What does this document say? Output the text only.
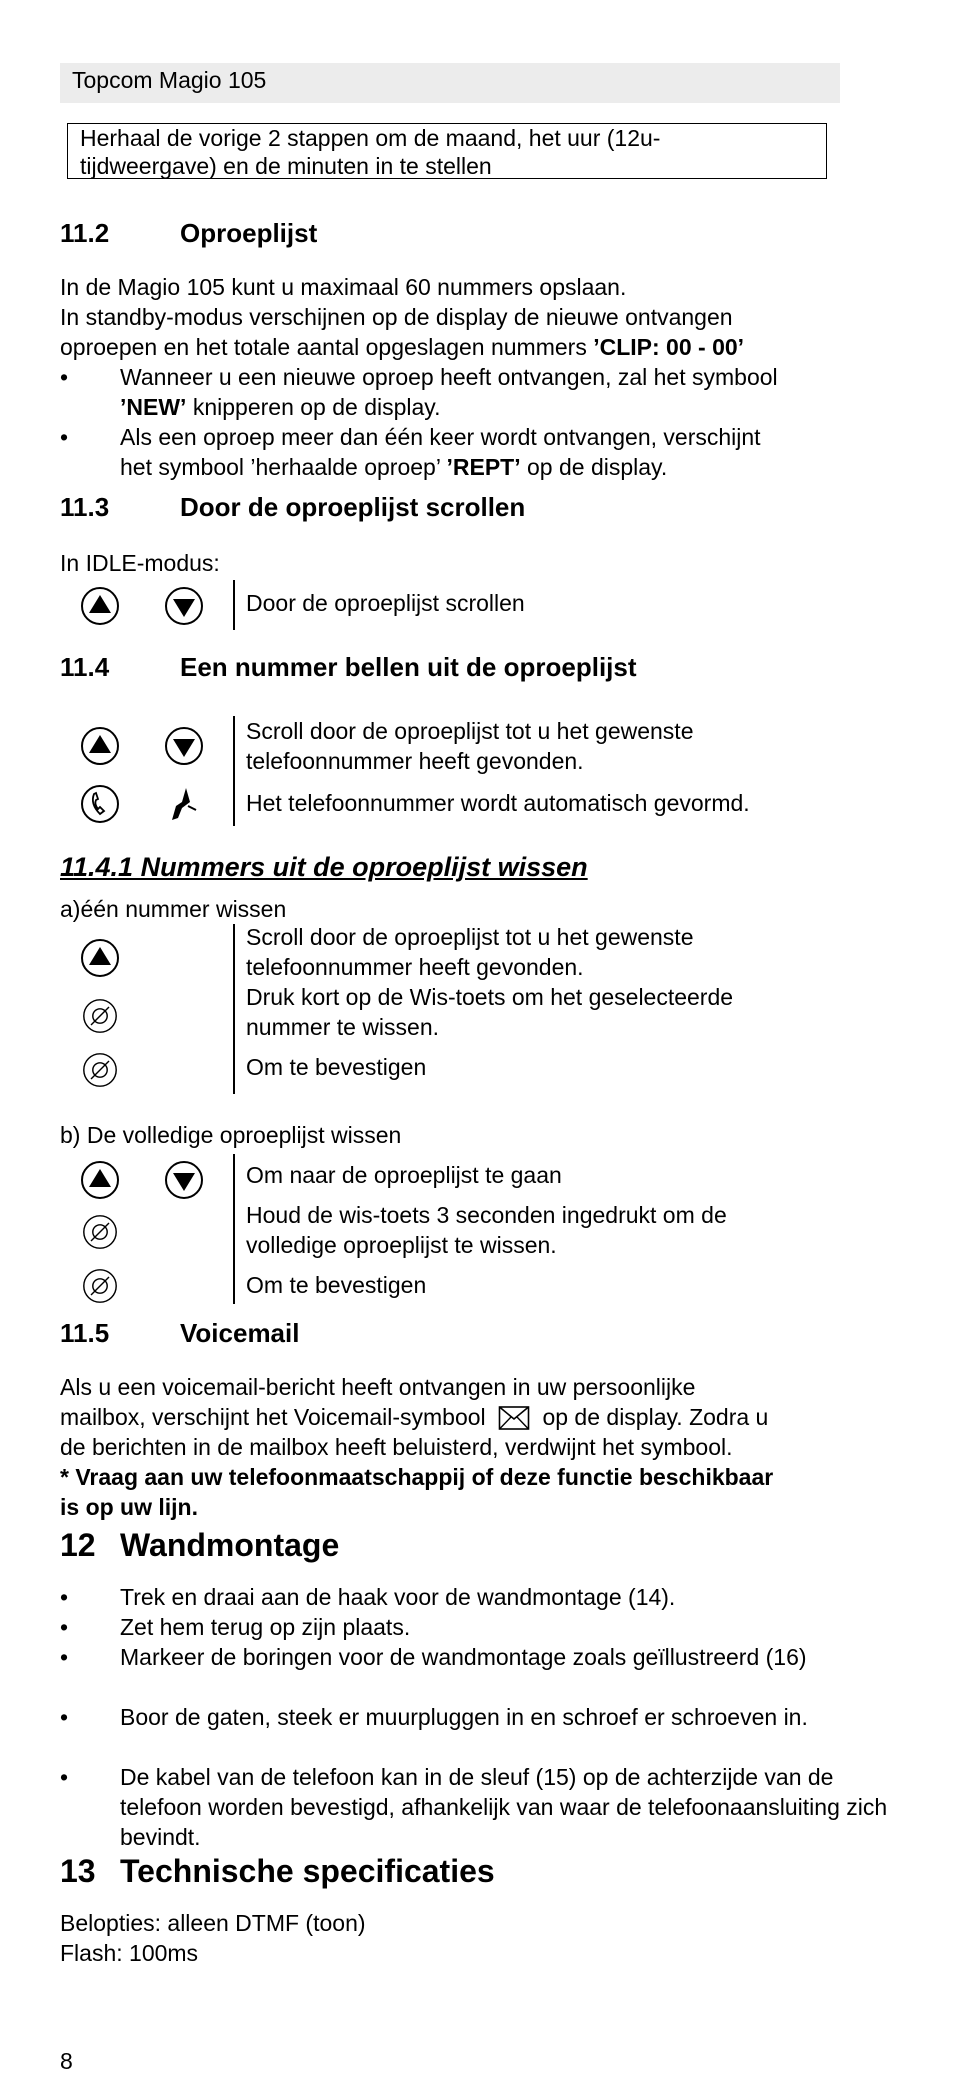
Topcom Magio 105
Herhaal de vorige 2 stappen om de maand, het uur (12u-
tijdweergave) en de minuten in te stellen
11.2	Oproeplijst
In de Magio 105 kunt u maximaal 60 nummers opslaan.
In standby-modus verschijnen op de display de nieuwe ontvangen
oproepen en het totale aantal opgeslagen nummers ’CLIP: 00 - 00’
• Wanneer u een nieuwe oproep heeft ontvangen, zal het symbool
’NEW’ knipperen op de display.
• Als een oproep meer dan één keer wordt ontvangen, verschijnt
het symbool ’herhaalde oproep’ ’REPT’ op de display.
11.3	Door de oproeplijst scrollen
In IDLE-modus:
Door de oproeplijst scrollen
11.4	Een nummer bellen uit de oproeplijst
Scroll door de oproeplijst tot u het gewenste
telefoonnummer heeft gevonden.
Het telefoonnummer wordt automatisch gevormd.
11.4.1 Nummers uit de oproeplijst wissen
a)één nummer wissen
Scroll door de oproeplijst tot u het gewenste
telefoonnummer heeft gevonden.
Druk kort op de Wis-toets om het geselecteerde
nummer te wissen.
Om te bevestigen
b) De volledige oproeplijst wissen
Om naar de oproeplijst te gaan
Houd de wis-toets 3 seconden ingedrukt om de
volledige oproeplijst te wissen.
Om te bevestigen
11.5	Voicemail
Als u een voicemail-bericht heeft ontvangen in uw persoonlijke
mailbox, verschijnt het Voicemail-symbool op de display. Zodra u
de berichten in de mailbox heeft beluisterd, verdwijnt het symbool.
* Vraag aan uw telefoonmaatschappij of deze functie beschikbaar
is op uw lijn.
12 Wandmontage
• Trek en draai aan de haak voor de wandmontage (14).
• Zet hem terug op zijn plaats.
• Markeer de boringen voor de wandmontage zoals geïllustreerd (16)
• Boor de gaten, steek er muurpluggen in en schroef er schroeven in.
• De kabel van de telefoon kan in de sleuf (15) op de achterzijde van de telefoon worden bevestigd, afhankelijk van waar de telefoonaansluiting zich bevindt.
13 Technische specificaties
Belopties: alleen DTMF (toon)
Flash: 100ms
8
